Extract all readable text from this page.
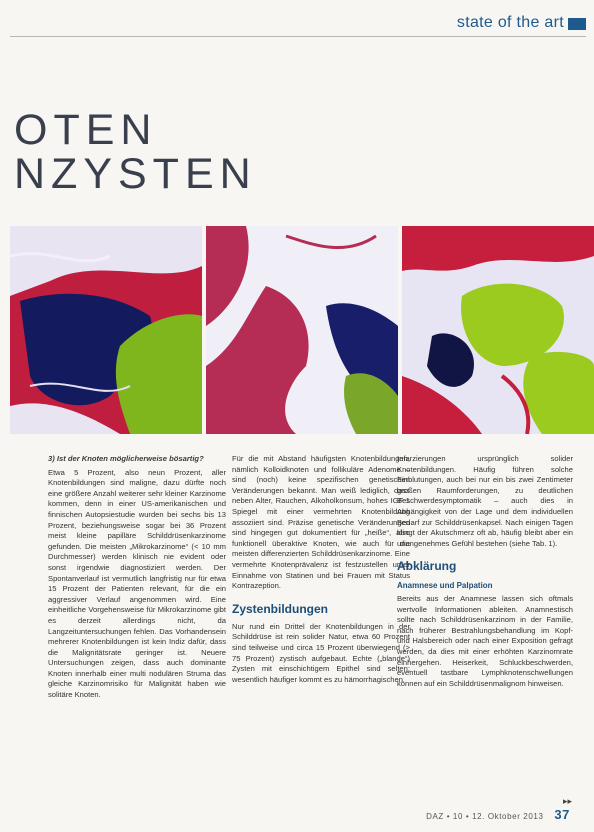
state of the art
OTEN
NZYSTEN

3) Ist der Knoten möglicherweise bösartig?

Etwa 5 Prozent, also neun Prozent, aller Knotenbildungen sind maligne, dazu dürfte noch eine größere Anzahl weiterer sehr kleiner Karzinome kommen, denn in einer US-amerikanischen und finnischen Autopsiestudie wurden bei sechs bis 13 Prozent, beziehungsweise sogar bei 36 Prozent meist kleine papilläre Schilddrüsenkarzinome gefunden. Die meisten „Mikrokarzinome“ (< 10 mm Durchmesser) werden klinisch nie evident oder sonst irgendwie diagnostiziert werden. Der Spontanverlauf ist vermutlich langfristig nur für etwa 15 Prozent der Patienten relevant, für die ein aggressiver Verlauf angenommen wird. Eine einheitliche Vorgehensweise für Mikrokarzinome gibt es derzeit allerdings nicht, da Langzeituntersuchungen fehlen. Das Vorhandensein mehrerer Knotenbildungen ist kein Indiz dafür, dass die Malignitätsrate geringer ist. Neuere Untersuchungen zeigen, dass auch dominante Knoten innerhalb einer multi nodulären Struma das gleiche Karzinomrisiko für Malignität haben wie solitäre Knoten.

Für die mit Abstand häufigsten Knotenbildungen, nämlich Kolloidknoten und follikuläre Adenome – sind (noch) keine spezifischen genetischen Veränderungen bekannt. Man weiß lediglich, dass neben Alter, Rauchen, Alkoholkonsum, hohes IGF-1 Spiegel mit einer vermehrten Knotenbildung assoziiert sind. Präzise genetische Veränderungen sind hingegen gut dokumentiert für „heiße“, also funktionell überaktive Knoten, wie auch für die meisten differenzierten Schilddrüsenkarzinome. Eine vermehrte Knotenprävalenz ist festzustellen unter Einnahme von Statinen und bei Frauen mit Status Kontrazeption.

Zystenbildungen

Nur rund ein Drittel der Knotenbildungen in der Schilddrüse ist rein solider Natur, etwa 60 Prozent sind teilweise und circa 15 Prozent überwiegend (> 75 Prozent) zystisch aufgebaut. Echte („blande“) Zysten mit einschichtigem Epithel sind selten; wesentlich häufiger kommt es zu hämorrhagischen

Infarzierungen ursprünglich solider Knotenbildungen. Häufig führen solche Einblutungen, auch bei nur ein bis zwei Zentimeter großen Raumforderungen, zu deutlichen Beschwerdesymptomatik – auch dies in Abhängigkeit von der Lage und dem individuellen Bedarf zur Schilddrüsenkapsel. Nach einigen Tagen klingt der Akutschmerz oft ab, häufig bleibt aber ein unangenehmes Gefühl bestehen (siehe Tab. 1).

Abklärung
Anamnese und Palpation

Bereits aus der Anamnese lassen sich oftmals wertvolle Informationen ableiten. Anamnestisch sollte nach Schilddrüsenkarzinom in der Familie, nach früherer Bestrahlungsbehandlung im Kopf- und Halsbereich oder nach einer Exposition gefragt werden, da dies mit einer erhöhten Karzinomrate einhergehen. Heiserkeit, Schluckbeschwerden, eventuell tastbare Lymphknotenschwellungen können auf ein Schilddrüsenmalignom hinweisen.

▸▸
DAZ • 10 • 12. Oktober 2013 37
